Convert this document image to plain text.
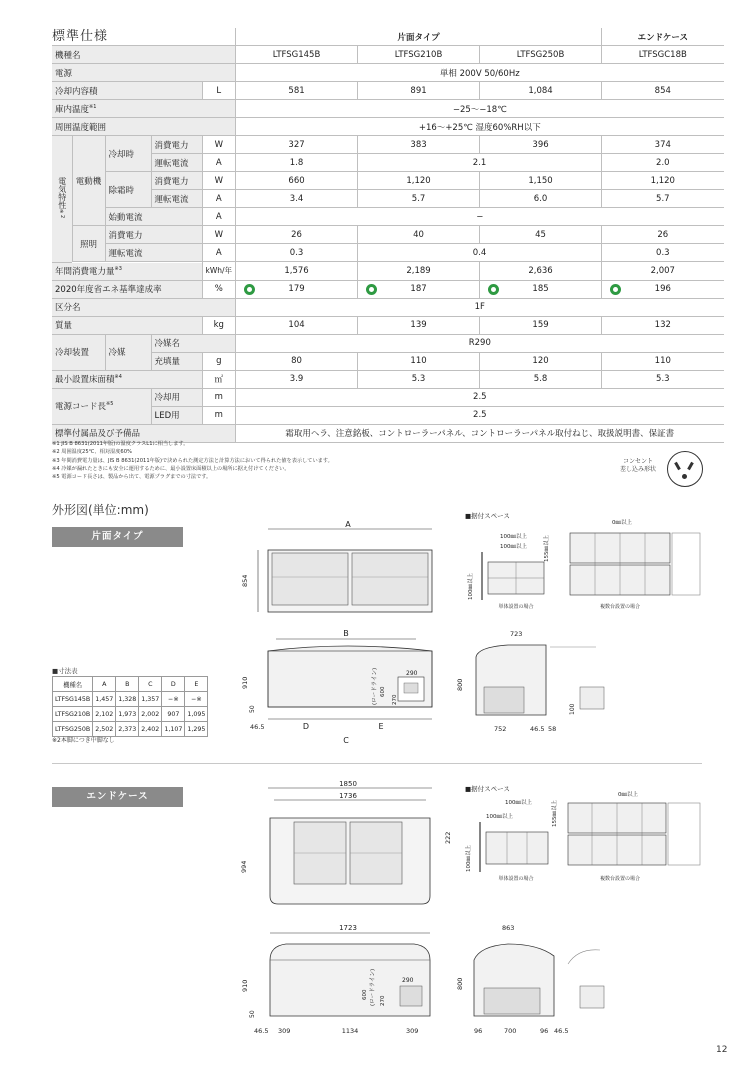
標準仕様
					片面タイプ			エンドケース
機種名					LTFSG145B	LTFSG210B	LTFSG250B	LTFSGC18B
電源					単相 200V 50/60Hz			
冷却内容積				L	581	891	1,084	854
庫内温度$^{※1}$					−25〜−18℃			
周囲温度範囲					+16〜+25℃ 湿度60%RH以下			
電気特性※2	電動機	冷却時	消費電力	W	327	383	396	374
			運転電流	A	1.8	2.1		2.0
		除霜時	消費電力	W	660	1,120	1,150	1,120
			運転電流	A	3.4	5.7	6.0	5.7
		始動電流		A	−			
	照明	消費電力		W	26	40	45	26
		運転電流		A	0.3	0.4		0.3

年間消費電力量$^{※3}$				kWh/年	1,576	2,189	2,636	2,007
2020年度省エネ基準達成率				%	179	187	185	196
区分名					1F			
質量				kg	104	139	159	132
冷却装置		冷媒	冷媒名		R290			
			充填量	g	80	110	120	110
最小設置床面積$^{※4}$				㎡	3.9	5.3	5.8	5.3
電源コード長$^{※5}$			冷却用	m	2.5			
			LED用	m	2.5			
標準付属品及び予備品					霜取用ヘラ、注意銘板、コントローラーパネル、コントローラーパネル取付ねじ、取扱説明書、保証書			
※1 JIS B 8631(2011年版)の温度クラスL1に相当します。
※2 周囲温度25℃、相対湿度60%
※3 年間消費電力量は、JIS B 8631(2011年版)で決められた測定方法と計算方法において得られた値を表示しています。
※4 冷媒が漏れたときにも安全に運用するために、最小設置床面積以上の場所に据え付けてください。
※5 電源コード長さは、製品から出て、電源プラグまでの寸法です。
コンセント
差し込み形状
外形図(単位:mm)
片面タイプ
A
854
■据付スペース
100㎜以上
100㎜以上
100㎜以上
155㎜以上
単体設置の場合
0㎜以上
複数台設置の場合
B
290
600
(ロードライン)	270
910
50
46.5	D	E
C
723
800
752	46.5 58
100
■寸法表
機種名	A	B	C	D	E
LTFSG145B	1,457	1,328	1,357	−※	−※
LTFSG210B	2,102	1,973	2,002	907	1,095
LTFSG250B	2,502	2,373	2,402	1,107	1,295
※2本脚につき中脚なし
エンドケース
1850
1736
994
222
■据付スペース
100㎜以上
100㎜以上
100㎜以上
単体設置の場合
0㎜以上
155㎜以上
複数台設置の場合
1723
290
600 (ロードライン) 270
910
50
46.5 309	1134	309
863
800
96	700	96 46.5
12
